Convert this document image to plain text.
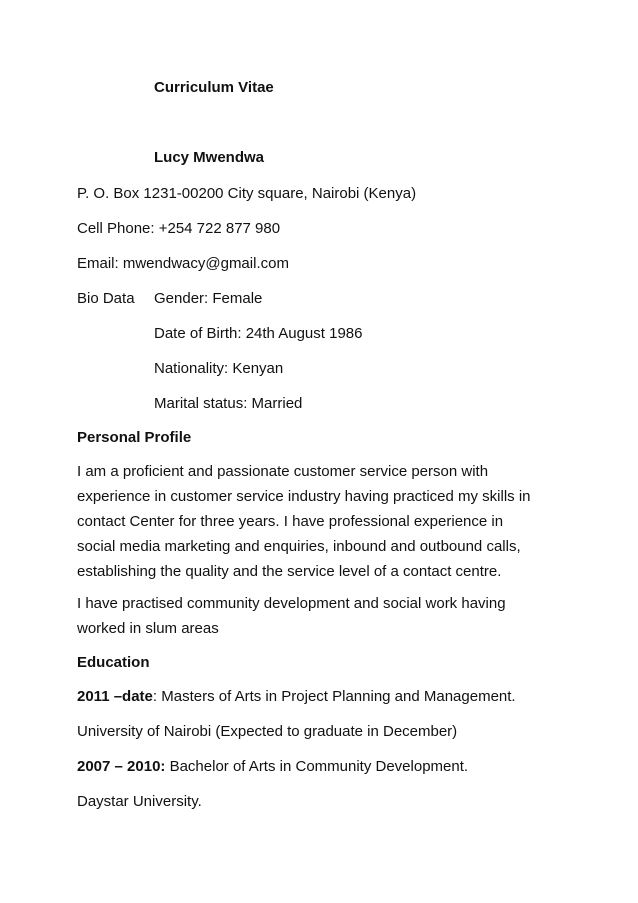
Curriculum Vitae
Lucy Mwendwa
P. O. Box 1231-00200 City square, Nairobi (Kenya)
Cell Phone: +254 722 877 980
Email: mwendwacy@gmail.com
Bio Data Gender: Female
Date of Birth: 24th August 1986
Nationality: Kenyan
Marital status: Married
Personal Profile
I am a proficient and passionate customer service person with
experience in customer service industry having practiced my skills in
contact Center for three years. I have professional experience in
social media marketing and enquiries, inbound and outbound calls,
establishing the quality and the service level of a contact centre.
I have practised community development and social work having
worked in slum areas
Education
2011 –date: Masters of Arts in Project Planning and Management.
University of Nairobi (Expected to graduate in December)
2007 – 2010: Bachelor of Arts in Community Development.
Daystar University.
